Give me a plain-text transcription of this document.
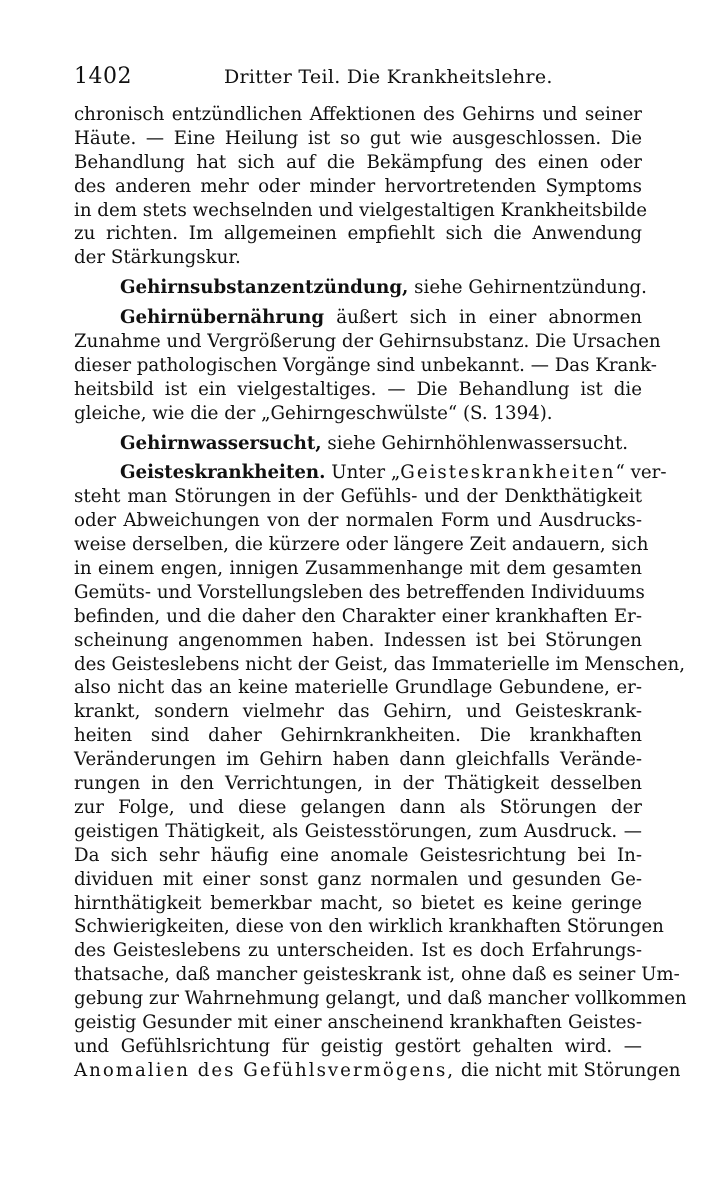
1402	Dritter Teil. Die Krankheitslehre.
chronisch entzündlichen Affektionen des Gehirns und seiner
Häute. — Eine Heilung ist so gut wie ausgeschlossen. Die
Behandlung hat sich auf die Bekämpfung des einen oder
des anderen mehr oder minder hervortretenden Symptoms
in dem stets wechselnden und vielgestaltigen Krankheitsbilde
zu richten. Im allgemeinen empfiehlt sich die Anwendung
der Stärkungskur.
Gehirnsubstanzentzündung, siehe Gehirnentzündung.
Gehirnübernährung äußert sich in einer abnormen
Zunahme und Vergrößerung der Gehirnsubstanz. Die Ursachen
dieser pathologischen Vorgänge sind unbekannt. — Das Krank-
heitsbild ist ein vielgestaltiges. — Die Behandlung ist die
gleiche, wie die der „Gehirngeschwülste“ (S. 1394).
Gehirnwassersucht, siehe Gehirnhöhlenwassersucht.
Geisteskrankheiten. Unter „Geisteskrankheiten“ ver-
steht man Störungen in der Gefühls- und der Denkthätigkeit
oder Abweichungen von der normalen Form und Ausdrucks-
weise derselben, die kürzere oder längere Zeit andauern, sich
in einem engen, innigen Zusammenhange mit dem gesamten
Gemüts- und Vorstellungsleben des betreffenden Individuums
befinden, und die daher den Charakter einer krankhaften Er-
scheinung angenommen haben. Indessen ist bei Störungen
des Geisteslebens nicht der Geist, das Immaterielle im Menschen,
also nicht das an keine materielle Grundlage Gebundene, er-
krankt, sondern vielmehr das Gehirn, und Geisteskrank-
heiten sind daher Gehirnkrankheiten. Die krankhaften
Veränderungen im Gehirn haben dann gleichfalls Verände-
rungen in den Verrichtungen, in der Thätigkeit desselben
zur Folge, und diese gelangen dann als Störungen der
geistigen Thätigkeit, als Geistesstörungen, zum Ausdruck. —
Da sich sehr häufig eine anomale Geistesrichtung bei In-
dividuen mit einer sonst ganz normalen und gesunden Ge-
hirnthätigkeit bemerkbar macht, so bietet es keine geringe
Schwierigkeiten, diese von den wirklich krankhaften Störungen
des Geisteslebens zu unterscheiden. Ist es doch Erfahrungs-
thatsache, daß mancher geisteskrank ist, ohne daß es seiner Um-
gebung zur Wahrnehmung gelangt, und daß mancher vollkommen
geistig Gesunder mit einer anscheinend krankhaften Geistes-
und Gefühlsrichtung für geistig gestört gehalten wird. —
Anomalien des Gefühlsvermögens, die nicht mit Störungen
